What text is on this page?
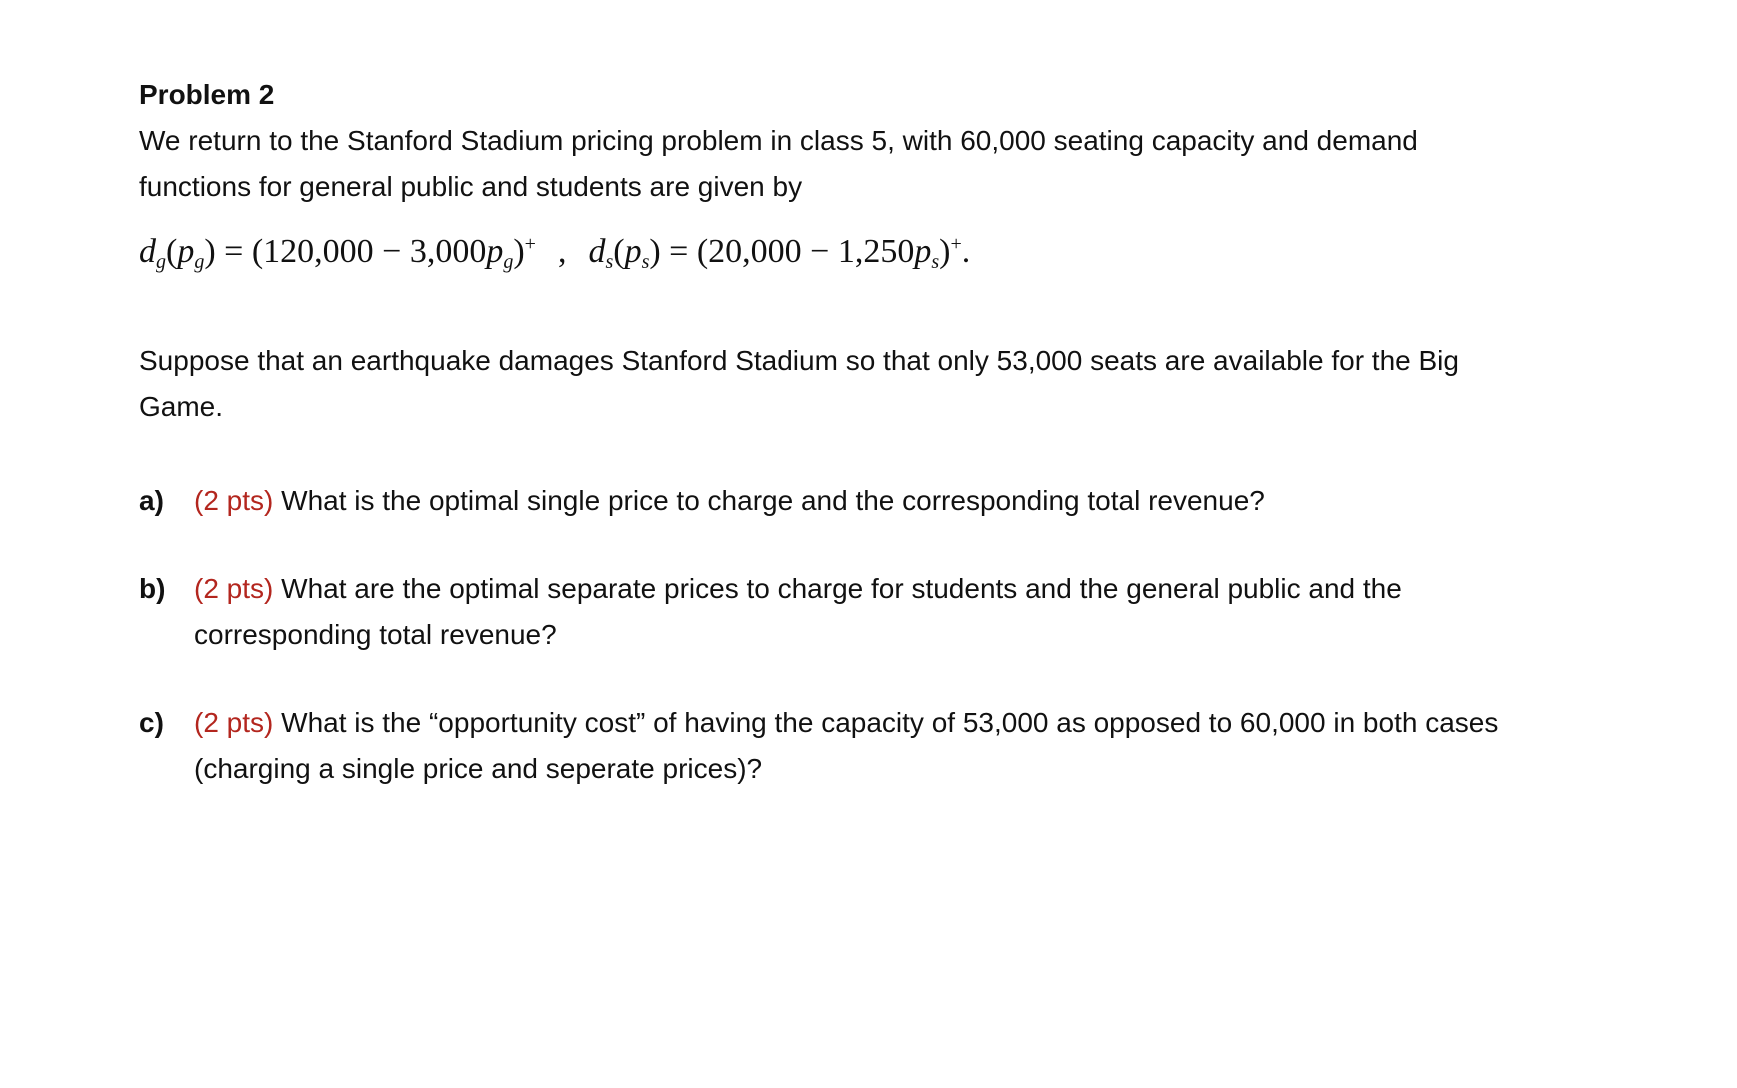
Problem 2

We return to the Stanford Stadium pricing problem in class 5, with 60,000 seating capacity and demand

functions for general public and students are given by

$d_g(p_g) = (120,000 - 3,000p_g)^+$ , $d_s(p_s) = (20,000 - 1,250p_s)^+$.

Suppose that an earthquake damages Stanford Stadium so that only 53,000 seats are available for the Big

Game.

a)	(2 pts) What is the optimal single price to charge and the corresponding total revenue?
b)	(2 pts) What are the optimal separate prices to charge for students and the general public and the corresponding total revenue?
c)	(2 pts) What is the “opportunity cost” of having the capacity of 53,000 as opposed to 60,000 in both cases (charging a single price and seperate prices)?
